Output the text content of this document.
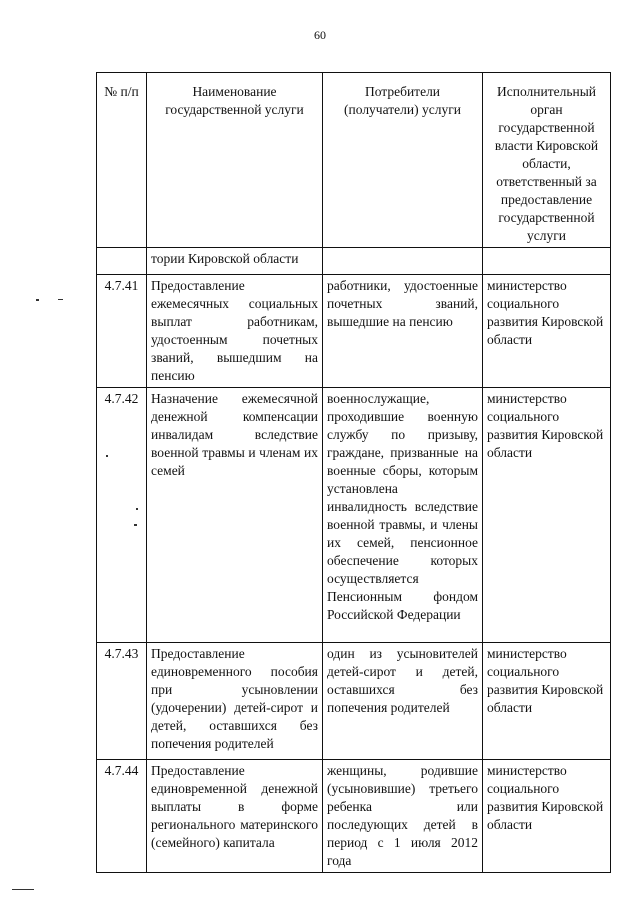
60
№ п/п	Наименование государственной услуги	Потребители (получатели) услуги	Исполнительный орган государственной власти Кировской области, ответственный за предоставление государственной услуги
	тории Кировской области		
4.7.41	Предоставление ежемесячных социальных выплат работникам, удостоенным почетных званий, вышедшим на пенсию	работники, удостоенные почетных званий, вышедшие на пенсию	министерство социального развития Кировской области
4.7.42	Назначение ежемесячной денежной компенсации инвалидам вследствие военной травмы и членам их семей	военнослужащие, проходившие военную службу по призыву, граждане, призванные на военные сборы, которым установлена инвалидность вследствие военной травмы, и члены их семей, пенсионное обеспечение которых осуществляется Пенсионным фондом Российской Федерации	министерство социального развития Кировской области
4.7.43	Предоставление единовременного пособия при усыновлении (удочерении) детей-сирот и детей, оставшихся без попечения родителей	один из усыновителей детей-сирот и детей, оставшихся без попечения родителей	министерство социального развития Кировской области
4.7.44	Предоставление единовременной денежной выплаты в форме регионального материнского (семейного) капитала	женщины, родившие (усыновившие) третьего ребенка или последующих детей в период с 1 июля 2012 года	министерство социального развития Кировской области
